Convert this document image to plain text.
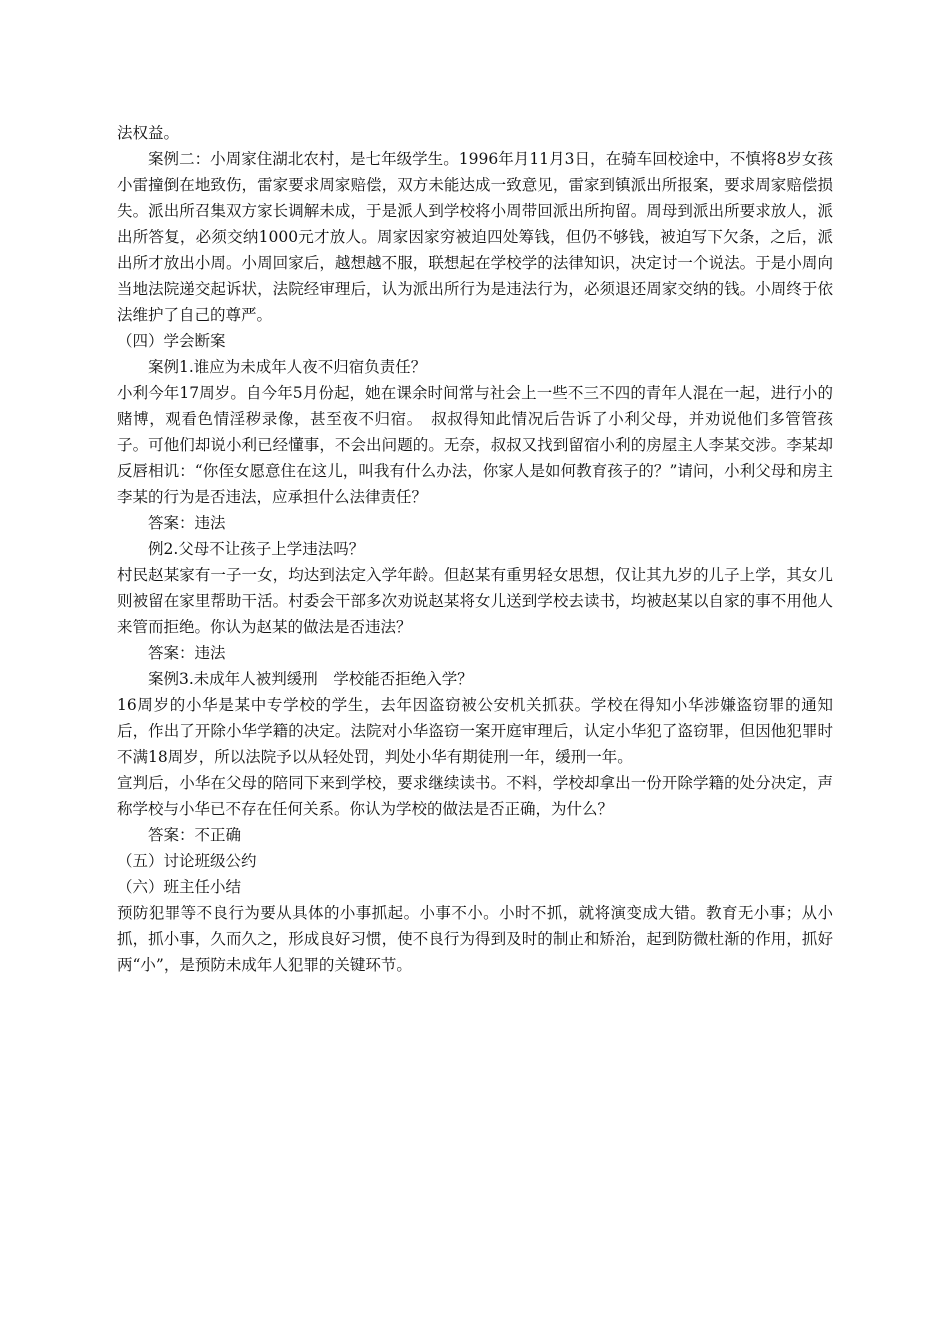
法权益。

案例二：小周家住湖北农村，是七年级学生。1996年月11月3日，在骑车回校途中，不慎将8岁女孩小雷撞倒在地致伤，雷家要求周家赔偿，双方未能达成一致意见，雷家到镇派出所报案，要求周家赔偿损失。派出所召集双方家长调解未成，于是派人到学校将小周带回派出所拘留。周母到派出所要求放人，派出所答复，必须交纳1000元才放人。周家因家穷被迫四处筹钱，但仍不够钱，被迫写下欠条，之后，派出所才放出小周。小周回家后，越想越不服，联想起在学校学的法律知识，决定讨一个说法。于是小周向当地法院递交起诉状，法院经审理后，认为派出所行为是违法行为，必须退还周家交纳的钱。小周终于依法维护了自己的尊严。

（四）学会断案

案例1.谁应为未成年人夜不归宿负责任？

小利今年17周岁。自今年5月份起，她在课余时间常与社会上一些不三不四的青年人混在一起，进行小的赌博，观看色情淫秽录像，甚至夜不归宿。　叔叔得知此情况后告诉了小利父母，并劝说他们多管管孩子。可他们却说小利已经懂事，不会出问题的。无奈，叔叔又找到留宿小利的房屋主人李某交涉。李某却反唇相讥：“你侄女愿意住在这儿，叫我有什么办法，你家人是如何教育孩子的？”请问，小利父母和房主李某的行为是否违法，应承担什么法律责任？

答案：违法

例2.父母不让孩子上学违法吗？

村民赵某家有一子一女，均达到法定入学年龄。但赵某有重男轻女思想，仅让其九岁的儿子上学，其女儿则被留在家里帮助干活。村委会干部多次劝说赵某将女儿送到学校去读书，均被赵某以自家的事不用他人来管而拒绝。你认为赵某的做法是否违法？

答案：违法

案例3.未成年人被判缓刑　学校能否拒绝入学？

16周岁的小华是某中专学校的学生，去年因盗窃被公安机关抓获。学校在得知小华涉嫌盗窃罪的通知后，作出了开除小华学籍的决定。法院对小华盗窃一案开庭审理后，认定小华犯了盗窃罪，但因他犯罪时不满18周岁，所以法院予以从轻处罚，判处小华有期徒刑一年，缓刑一年。

宣判后，小华在父母的陪同下来到学校，要求继续读书。不料，学校却拿出一份开除学籍的处分决定，声称学校与小华已不存在任何关系。你认为学校的做法是否正确，为什么？

答案：不正确

（五）讨论班级公约

（六）班主任小结

预防犯罪等不良行为要从具体的小事抓起。小事不小。小时不抓，就将演变成大错。教育无小事；从小抓，抓小事，久而久之，形成良好习惯，使不良行为得到及时的制止和矫治，起到防微杜渐的作用，抓好两“小”，是预防未成年人犯罪的关键环节。
